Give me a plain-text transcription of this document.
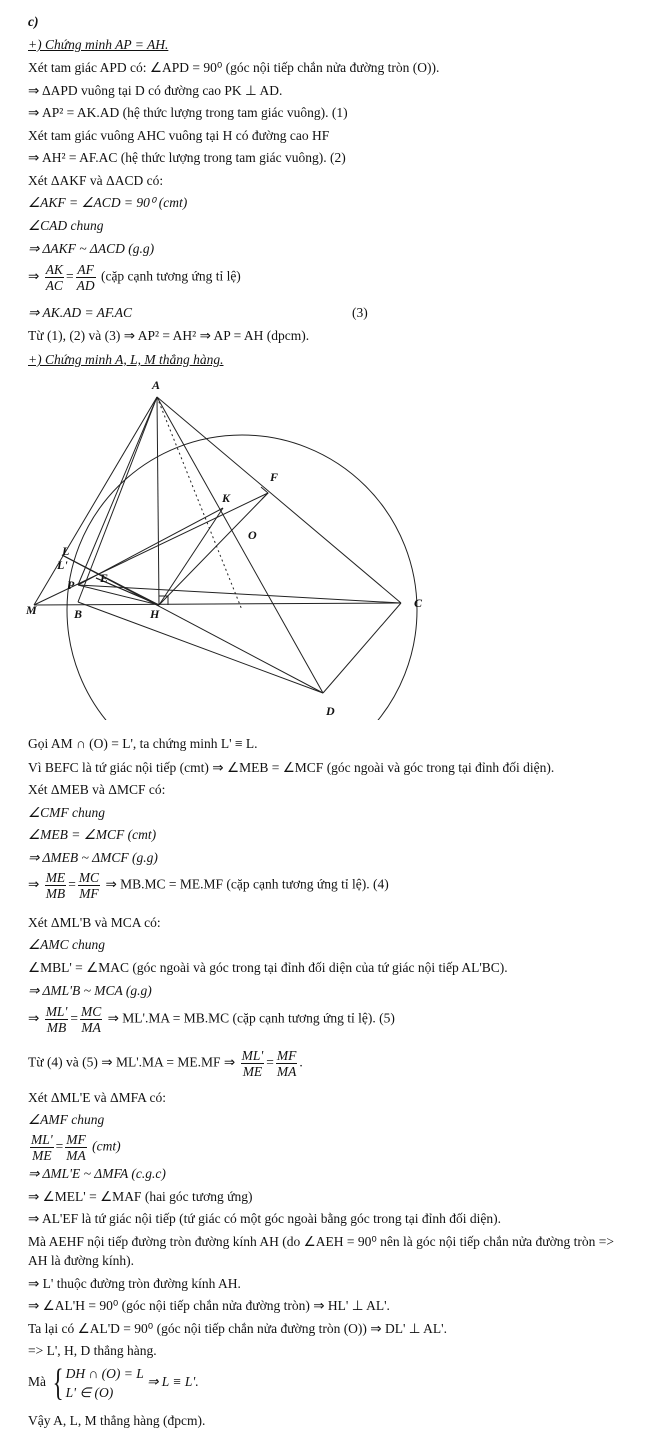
c)
+) Chứng minh AP = AH.
Xét tam giác APD có: ∠APD = 90⁰ (góc nội tiếp chắn nửa đường tròn (O)).
⇒ ΔAPD vuông tại D có đường cao PK ⊥ AD.
⇒ AP² = AK.AD (hệ thức lượng trong tam giác vuông). (1)
Xét tam giác vuông AHC vuông tại H có đường cao HF
⇒ AH² = AF.AC (hệ thức lượng trong tam giác vuông). (2)
Xét ΔAKF và ΔACD có:
∠AKF = ∠ACD = 90⁰ (cmt)
∠CAD chung
⇒ ΔAKF ~ ΔACD (g.g)
⇒ $\frac{AK}{AC} = \frac{AF}{AD}$ (cặp cạnh tương ứng tỉ lệ)
⇒ AK.AD = AF.AC	(3)
Từ (1), (2) và (3) ⇒ AP² = AH² ⇒ AP = AH (dpcm).
+) Chứng minh A, L, M thẳng hàng.
A
B
C
D
E
F
H
K
L
L'
M
O
P
Gọi AM ∩ (O) = L', ta chứng minh L' ≡ L.
Vì BEFC là tứ giác nội tiếp (cmt) ⇒ ∠MEB = ∠MCF (góc ngoài và góc trong tại đỉnh đối diện).
Xét ΔMEB và ΔMCF có:
∠CMF chung
∠MEB = ∠MCF (cmt)
⇒ ΔMEB ~ ΔMCF (g.g)
⇒ $\frac{ME}{MB} = \frac{MC}{MF}$ ⇒ MB.MC = ME.MF (cặp cạnh tương ứng tỉ lệ). (4)
Xét ΔML'B và MCA có:
∠AMC chung
∠MBL' = ∠MAC (góc ngoài và góc trong tại đỉnh đối diện của tứ giác nội tiếp AL'BC).
⇒ ΔML'B ~ MCA (g.g)
⇒ $\frac{ML'}{MB} = \frac{MC}{MA}$ ⇒ ML'.MA = MB.MC (cặp cạnh tương ứng tỉ lệ). (5)
Từ (4) và (5) ⇒ ML'.MA = ME.MF ⇒ $\frac{ML'}{ME} = \frac{MF}{MA}$ .
Xét ΔML'E và ΔMFA có:
∠AMF chung
$\frac{ML'}{ME} = \frac{MF}{MA} (cmt)$
⇒ ΔML'E ~ ΔMFA (c.g.c)
⇒ ∠MEL' = ∠MAF (hai góc tương ứng)
⇒ AL'EF là tứ giác nội tiếp (tứ giác có một góc ngoài bằng góc trong tại đỉnh đối diện).
Mà AEHF nội tiếp đường tròn đường kính AH (do ∠AEH = 90⁰ nên là góc nội tiếp chắn nửa đường tròn =>
AH là đường kính).
⇒ L' thuộc đường tròn đường kính AH.
⇒ ∠AL'H = 90⁰ (góc nội tiếp chắn nửa đường tròn) ⇒ HL' ⊥ AL'.
Ta lại có ∠AL'D = 90⁰ (góc nội tiếp chắn nửa đường tròn (O)) ⇒ DL' ⊥ AL'.
=> L', H, D thẳng hàng.
Mà { DH ∩ (O) = L
L' ∈ (O)
⇒ L ≡ L'.
Vậy A, L, M thẳng hàng (đpcm).
